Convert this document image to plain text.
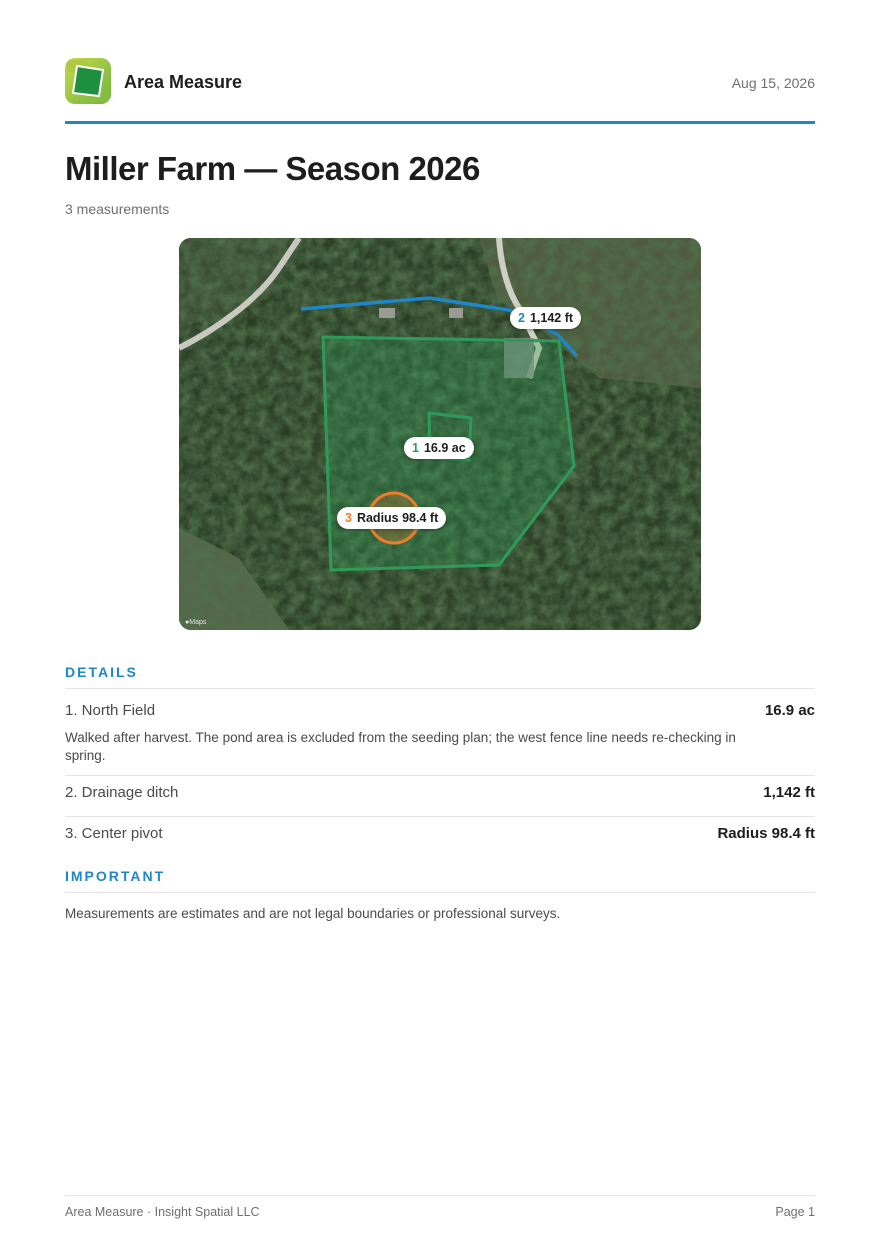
Area Measure	Aug 15, 2026
Miller Farm — Season 2026
3 measurements
1 16.9 ac
2 1,142 ft
3 Radius 98.4 ft
●Maps
DETAILS
1. North Field	16.9 ac
Walked after harvest. The pond area is excluded from the seeding plan; the west fence line needs re-checking in spring.
2. Drainage ditch	1,142 ft
3. Center pivot	Radius 98.4 ft
IMPORTANT
Measurements are estimates and are not legal boundaries or professional surveys.
Area Measure · Insight Spatial LLC	Page 1
